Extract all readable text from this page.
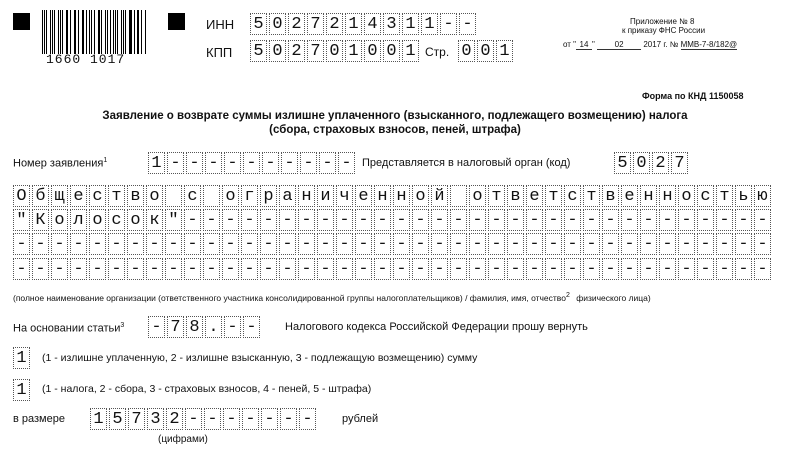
1660 1017
ИНН 5 0 2 7 2 1 4 3 1 1 - -
КПП 5 0 2 7 0 1 0 0 1 Стр. 0 0 1
Приложение № 8
к приказу ФНС России
от " 14 " 02 2017 г. № ММВ-7-8/182@
Форма по КНД 1150058
Заявление о возврате суммы излишне уплаченного (взысканного, подлежащего возмещению) налога
(сбора, страховых взносов, пеней, штрафа)
Номер заявления$^1$	1 - - - - - - - - - - Представляется в налоговый орган (код)	5 0 2 7
О б щ е с т в о с о г р а н и ч е н н о й о т в е т с т в е н н о с т ь ю
" К о л о с о к " - - - - - - - - - - - - - - - - - - - - - - - - - - - - - - -
- - - - - - - - - - - - - - - - - - - - - - - - - - - - - - - - - - - - - - - -
- - - - - - - - - - - - - - - - - - - - - - - - - - - - - - - - - - - - - - - -
(полное наименование организации (ответственного участника консолидированной группы налогоплательщиков) / фамилия, имя, отчество$^2$ физического лица)
На основании статьи$^3$ - 7 8 . - -	Налогового кодекса Российской Федерации прошу вернуть
1	(1 - излишне уплаченную, 2 - излишне взысканную, 3 - подлежащую возмещению) сумму
1	(1 - налога, 2 - сбора, 3 - страховых взносов, 4 - пеней, 5 - штрафа)
в размере 1 5 7 3 2 - - - - - - -	рублей
(цифрами)
